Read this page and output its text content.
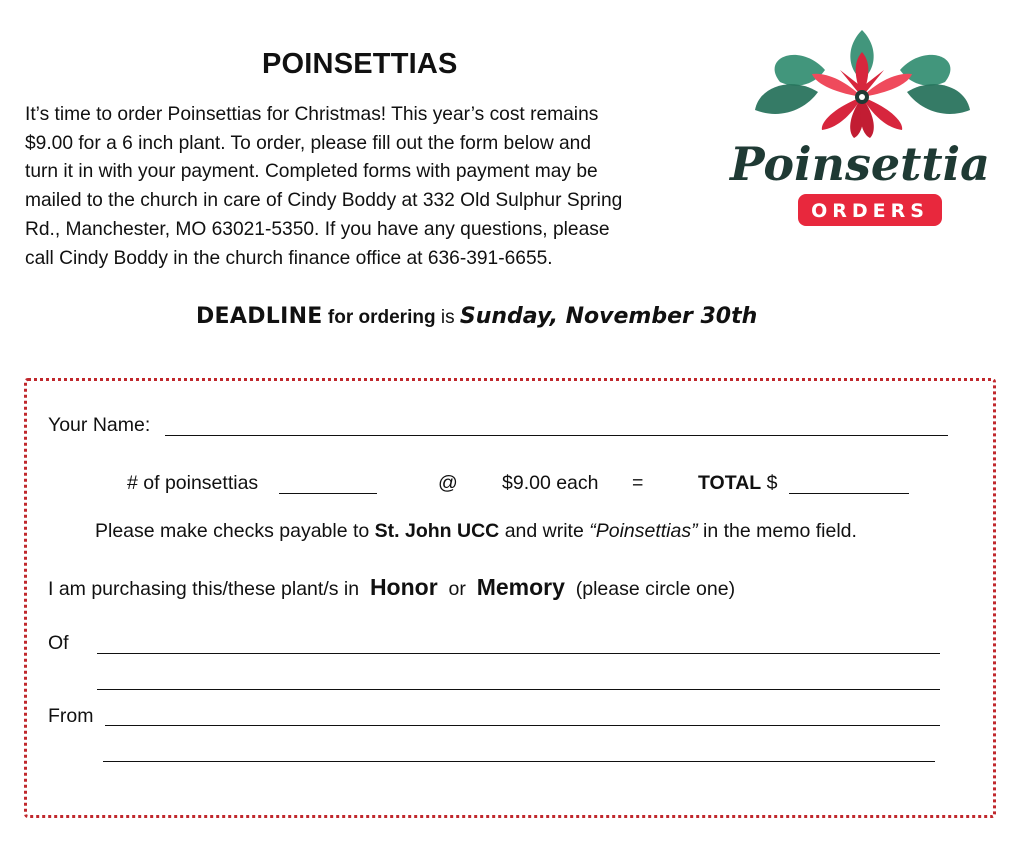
POINSETTIAS

It’s time to order Poinsettias for Christmas! This year’s cost remains
$9.00 for a 6 inch plant. To order, please fill out the form below and
turn it in with your payment. Completed forms with payment may be
mailed to the church in care of Cindy Boddy at 332 Old Sulphur Spring
Rd., Manchester, MO 63021-5350. If you have any questions, please
call Cindy Boddy in the church finance office at 636-391-6655.

Poinsettia
ORDERS
DEADLINE for ordering is Sunday, November 30th
Your Name:
# of poinsettias	@ $9.00 each =	TOTAL $
Please make checks payable to St. John UCC and write “Poinsettias” in the memo field.
I am purchasing this/these plant/s in Honor or Memory (please circle one)
Of
From
